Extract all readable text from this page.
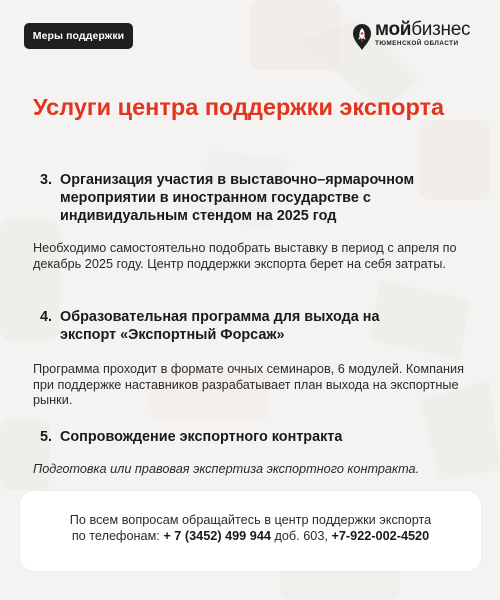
Меры поддержки	мойбизнес
ТЮМЕНСКОЙ ОБЛАСТИ
Услуги центра поддержки экспорта
3. Организация участия в выставочно–ярмарочном мероприятии в иностранном государстве с индивидуальным стендом на 2025 год

Необходимо самостоятельно подобрать выставку в период с апреля по декабрь 2025 году. Центр поддержки экспорта берет на себя затраты.

4. Образовательная программа для выхода на экспорт «Экспортный Форсаж»

Программа проходит в формате очных семинаров, 6 модулей. Компания при поддержке наставников разрабатывает план выхода на экспортные рынки.

5. Сопровождение экспортного контракта

Подготовка или правовая экспертиза экспортного контракта.

По всем вопросам обращайтесь в центр поддержки экспорта
по телефонам: + 7 (3452) 499 944 доб. 603, +7-922-002-4520
